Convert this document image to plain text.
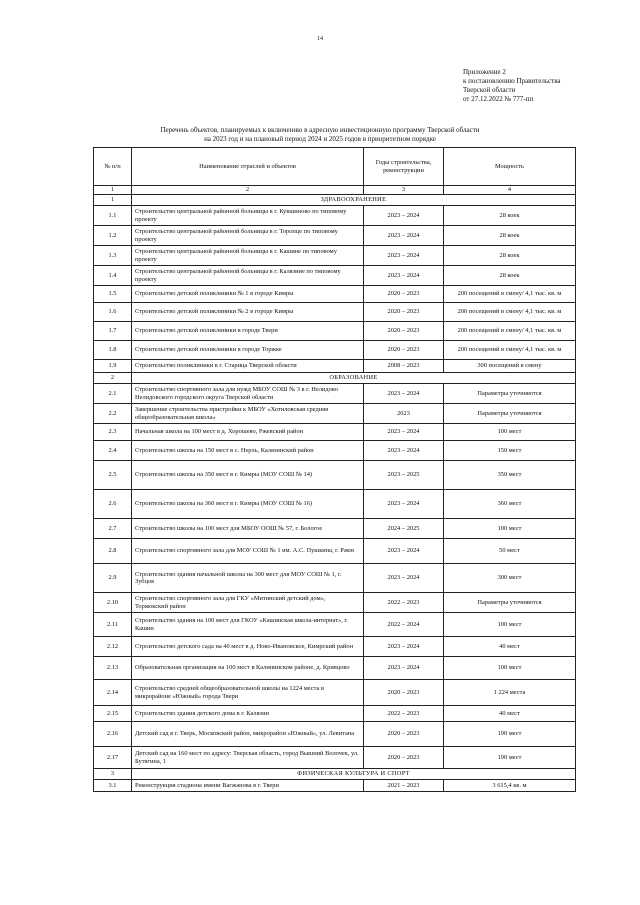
14
Приложение 2
к постановлению Правительства
Тверской области
от 27.12.2022 № 777-пп
Перечень объектов, планируемых к включению в адресную инвестиционную программу Тверской области
на 2023 год и на плановый период 2024 и 2025 годов в приоритетном порядке
№ п/п	Наименование отраслей и объектов	Годы строительства, реконструкции	Мощность
1	2	3	4
1	ЗДРАВООХРАНЕНИЕ		
1.1	Строительство центральной районной больницы в г. Кувшиново по типовому проекту	2023 – 2024	28 коек
1.2	Строительство центральной районной больницы в г. Торопце по типовому проекту	2023 – 2024	28 коек
1.3	Строительство центральной районной больницы в г. Кашине по типовому проекту	2023 – 2024	28 коек
1.4	Строительство центральной районной больницы в г. Калязине по типовому проекту	2023 – 2024	28 коек
1.5	Строительство детской поликлиники № 1 в городе Кимры	2020 – 2023	200 посещений в смену/ 4,1 тыс. кв. м
1.6	Строительство детской поликлиники № 2 в городе Кимры	2020 – 2023	200 посещений в смену/ 4,1 тыс. кв. м
1.7	Строительство детской поликлиники в городе Твери	2020 – 2023	200 посещений в смену/ 4,1 тыс. кв. м
1.8	Строительство детской поликлиники в городе Торжке	2020 – 2023	200 посещений в смену/ 4,1 тыс. кв. м
1.9	Строительство поликлиники в г. Старица Тверской области	2008 – 2023	300 посещений в смену
2	ОБРАЗОВАНИЕ		
2.1	Строительство спортивного зала для нужд МБОУ СОШ № 3 в г. Нелидово Нелидовского городского округа Тверской области	2023 – 2024	Параметры уточняются
2.2	Завершение строительства пристройки к МБОУ «Хотиловская средняя общеобразовательная школа»	2023	Параметры уточняются
2.3	Начальная школа на 100 мест в д. Хорошево, Ржевский район	2023 – 2024	100 мест
2.4	Строительство школы на 150 мест в с. Нерль, Калязинский район	2023 – 2024	150 мест
2.5	Строительство школы на 350 мест в г. Кимры (МОУ СОШ № 14)	2023 – 2025	350 мест
2.6	Строительство школы на 360 мест в г. Кимры (МОУ СОШ № 16)	2023 – 2024	360 мест
2.7	Строительство школы на 100 мест для МБОУ ООШ № 57, г. Бологое	2024 – 2025	100 мест
2.8	Строительство спортивного зала для МОУ СОШ № 1 им. А.С. Пушкина, г. Ржев	2023 – 2024	50 мест
2.9	Строительство здания начальной школы на 300 мест для МОУ СОШ № 1, г. Зубцов	2023 – 2024	300 мест
2.10	Строительство спортивного зала для ГКУ «Митинский детский дом», Торжокский район	2022 – 2023	Параметры уточняются
2.11	Строительство здания на 100 мест для ГКОУ «Кашинская школа-интернат», г. Кашин	2022 – 2024	100 мест
2.12	Строительство детского сада на 40 мест в д. Ново-Ивановское, Кимрский район	2023 – 2024	40 мест
2.13	Образовательная организация на 100 мест в Калининском районе, д. Кривцово	2023 – 2024	100 мест
2.14	Строительство средней общеобразовательной школы на 1224 места в микрорайоне «Южный» города Твери	2020 – 2023	1 224 места
2.15	Строительство здания детского дома в г. Калязин	2022 – 2023	40 мест
2.16	Детский сад в г. Тверь, Московский район, микрорайон «Южный», ул. Левитана	2020 – 2023	190 мест
2.17	Детский сад на 160 мест по адресу: Тверская область, город Вышний Волочек, ул. Бутягина, 1	2020 – 2023	190 мест
3	ФИЗИЧЕСКАЯ КУЛЬТУРА И СПОРТ		
3.1	Реконструкция стадиона имени Вагжанова в г. Твери	2021 – 2023	3 615,4 кв. м
